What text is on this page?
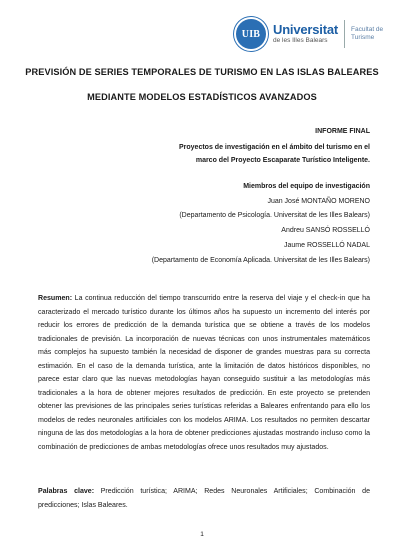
UIB Universitat
de les Illes Balears
Facultat de
Turisme
PREVISIÓN DE SERIES TEMPORALES DE TURISMO EN LAS ISLAS BALEARES
MEDIANTE MODELOS ESTADÍSTICOS AVANZADOS
INFORME FINAL
Proyectos de investigación en el ámbito del turismo en el
marco del Proyecto Escaparate Turístico Inteligente.
Miembros del equipo de investigación
Juan José MONTAÑO MORENO
(Departamento de Psicología. Universitat de les Illes Balears)
Andreu SANSÓ ROSSELLÓ
Jaume ROSSELLÓ NADAL
(Departamento de Economía Aplicada. Universitat de les Illes Balears)
Resumen: La continua reducción del tiempo transcurrido entre la reserva del viaje y el check-in que ha caracterizado el mercado turístico durante los últimos años ha supuesto un incremento del interés por reducir los errores de predicción de la demanda turística que se obtiene a través de los modelos tradicionales de previsión. La incorporación de nuevas técnicas con unos instrumentales matemáticos más complejos ha supuesto también la necesidad de disponer de grandes muestras para su correcta estimación. En el caso de la demanda turística, ante la limitación de datos históricos disponibles, no parece estar claro que las nuevas metodologías hayan conseguido sustituir a las metodologías más tradicionales a la hora de obtener mejores resultados de predicción. En este proyecto se pretenden obtener las previsiones de las principales series turísticas referidas a Baleares enfrentando para ello los modelos de redes neuronales artificiales con los modelos ARIMA. Los resultados no permiten descartar ninguna de las dos metodologías a la hora de obtener predicciones ajustadas mostrando incluso como la combinación de predicciones de ambas metodologías ofrece unos resultados muy ajustados.
Palabras clave: Predicción turística; ARIMA; Redes Neuronales Artificiales; Combinación de predicciones; Islas Baleares.
1
